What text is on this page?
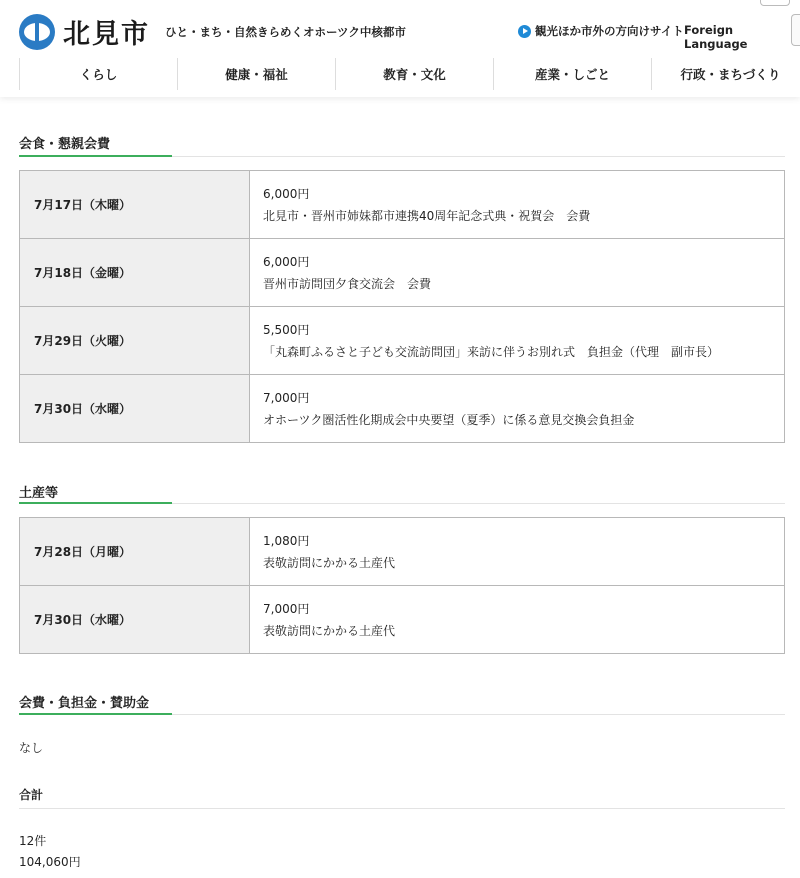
北見市 ひと・まち・自然きらめくオホーツク中核都市	観光ほか市外の方向けサイト Foreign Language
くらし	健康・福祉	教育・文化	産業・しごと	行政・まちづくり
会食・懇親会費
7月17日（木曜）	6,000円
北見市・晋州市姉妹都市連携40周年記念式典・祝賀会　会費

7月18日（金曜）	6,000円
晋州市訪問団夕食交流会　会費

7月29日（火曜）	5,500円
「丸森町ふるさと子ども交流訪問団」来訪に伴うお別れ式　負担金（代理　副市長）

7月30日（水曜）	7,000円
オホーツク圏活性化期成会中央要望（夏季）に係る意見交換会負担金
土産等
7月28日（月曜）	1,080円
表敬訪問にかかる土産代

7月30日（水曜）	7,000円
表敬訪問にかかる土産代
会費・負担金・賛助金
なし
合計
12件
104,060円
